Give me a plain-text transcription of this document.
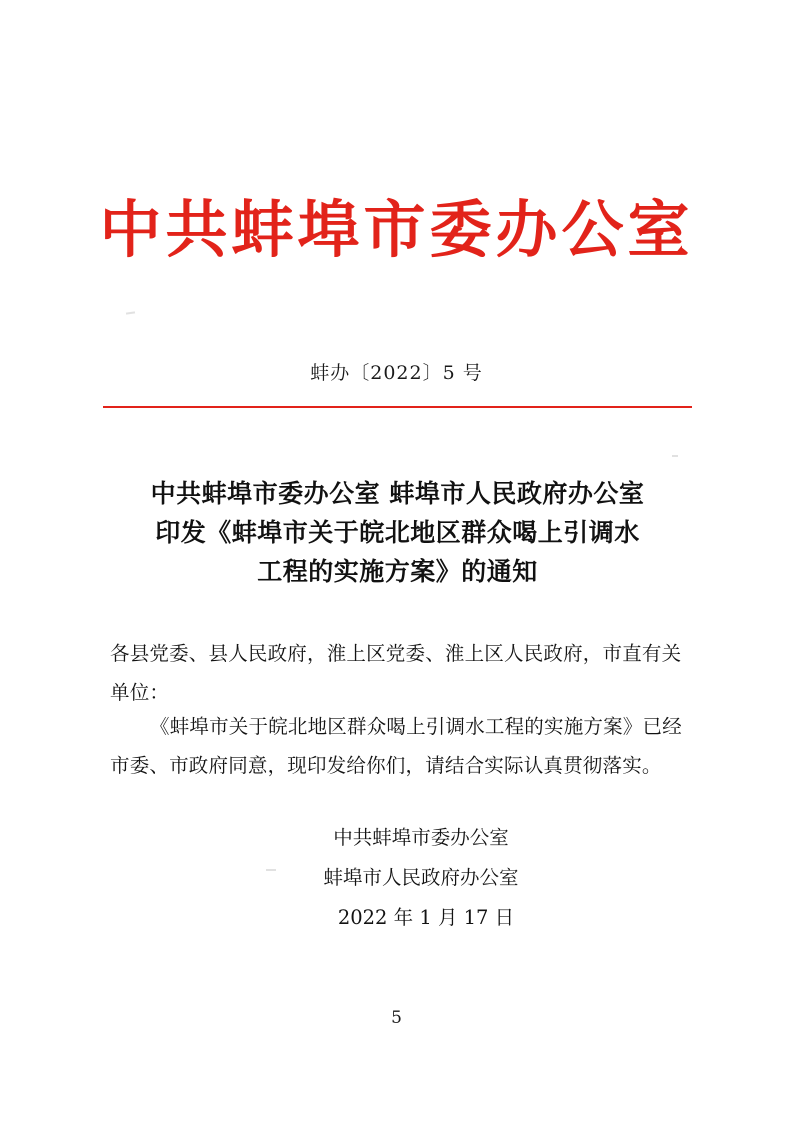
中共蚌埠市委办公室
蚌办〔2022〕5 号
中共蚌埠市委办公室 蚌埠市人民政府办公室
印发《蚌埠市关于皖北地区群众喝上引调水
工程的实施方案》的通知
各县党委、县人民政府，淮上区党委、淮上区人民政府，市直有关单位：
《蚌埠市关于皖北地区群众喝上引调水工程的实施方案》已经市委、市政府同意，现印发给你们，请结合实际认真贯彻落实。
中共蚌埠市委办公室
蚌埠市人民政府办公室
2022 年 1 月 17 日
5
